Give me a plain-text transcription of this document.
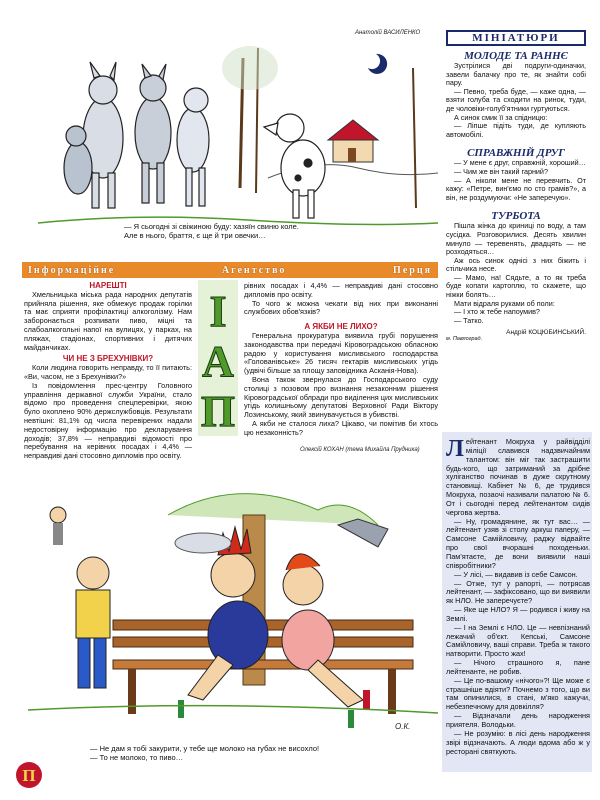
Анатолій ВАСИЛЕНКО
— Я сьогодні зі свіжиною буду: хазяїн свиню коле.
Але в нього, браття, є ще й три овечки…
МІНІАТЮРИ
МОЛОДЕ ТА РАННЄ

Зустрілися дві подруги-одиначки, завели балачку про те, як знайти собі пару.

— Певно, треба буде, — каже одна, — взяти голуба та сходити на ринок, туди, де чоловіки-голуб'ятники гуртуються.

А синок смик її за спідницю:

— Ліпше підіть туди, де купляють автомобілі.

СПРАВЖНІЙ ДРУГ

— У мене є друг, справжній, хороший…

— Чим же він такий гарний?

— А ніколи мене не перевчить. От кажу: «Петре, вин'ємо по сто грамів?», а він, не роздумуючи: «Не заперечую».

ТУРБОТА

Пішла жінка до криниці по воду, а там сусідка. Розговорилися. Десять хвилин минуло — теревенять, двадцять — не розходяться…

Аж ось синок однісі з них біжить і стільчика несе.

— Мамо, на! Сядьте, а то як треба буде копати картоплю, то скажете, що ніжки болять…

Мати відраля руками об поли:

— І хто ж тебе напоумив?

— Татко.

Андрій КОЦЮБИНСЬКИЙ.
м. Павлоград.
Інформаційне	Агентство	Перця
І
А
П
НАРЕШТІ

Хмельницька міська рада народних депутатів прийняла рішення, яке обмежує продаж горілки та має сприяти профілактиці алкоголізму. Нам заборонається розпивати пиво, міцні та слабоалкогольні напої на вулицях, у парках, на пляжах, стадіонах, спортивних і дитячих майданчиках.

ЧИ НЕ З БРЕХУНІВКИ?

Коли людина говорить неправду, то її питають: «Ви, часом, не з Брехунівки?»

Із повідомлення прес-центру Головного управління державної служби України, стало відомо про проведення спецперевірки, якою було охоплено 90% держслужбовців. Результати невтішні: 81,1% од числа перевірених надали недостовірну інформацію про декларування доходів; 37,8% — неправдиві відомості про перебування на керівних посадах і 4,4% — неправдиві дані стосовно дипломів про освіту.

рівних посадах і 4,4% — неправдиві дані стосовно дипломів про освіту.

То чого ж можна чекати від них при виконанні службових обов'язків?

А ЯКБИ НЕ ЛИХО?

Генеральна прокуратура виявила грубі порушення законодавства при передачі Кіровоградською обласною радою у користування мисливського господарства «Голованівське» 26 тисяч гектарів мисливських угідь (удвічі більше за площу заповідника Асканія-Нова).

Вона також звернулася до Господарського суду столиці з позовом про визнання незаконним рішення Кіровоградської облради про виділення цих мисливських угідь колишньому депутатові Верховної Ради Віктору Лозинському, який звинувачується в убивстві.

А якби не сталося лиха? Цікаво, чи помітив би хтось цю незаконність?

Л ейтенант Мокруха у райвідділі міліції славився надзвичайним талантом: він міг так застрашити будь-кого, що затриманий за дрібне хуліганство починав в дуже скрутному становищі. Кабінет № 6, де трудився Мокруха, позаочі називали палатою № 6. От і сьогодні перед лейтенантом сидів чергова жертва.

— Ну, громадянине, як тут вас… — лейтенант узяв зі столу аркуш паперу, — Самсоне Самійловичу, раджу відвайте про свої вчорашні походеньки. Пам'ятаєте, де вони виявили наші співробітники?

— У лісі, — видавив із себе Самсон.

— Отже, тут у рапорті, — потрясав лейтенант, — зафіксовано, що ви виявили як НЛО. Не заперечуєте?

— Яке ще НЛО? Я — родився і живу на Землі.

— І на Землі є НЛО. Це — невпізнаний лежачий об'єкт. Кепські, Самсоне Самійловичу, ваші справи. Треба ж такого натворити. Просто жах!

— Нічого страшного я, пане лейтенанте, не робив.

— Це по-вашому «нічого»?! Ще може є страшніше вдіяти? Почнемо з того, що ви там опинилися, в стані, м'яко кажучи, небезпечному для довкілля?

— Відзначали день народження приятеля. Володьки.

— Не розумію: в лісі день народження звірі відзначають. А люди вдома або ж у ресторані святкують.

Олексій КОХАН (тема Михайла Прудника)
О.К.
— Не дам я тобі закурити, у тебе ще молоко на губах не висохло!
— То не молоко, то пиво…
П
